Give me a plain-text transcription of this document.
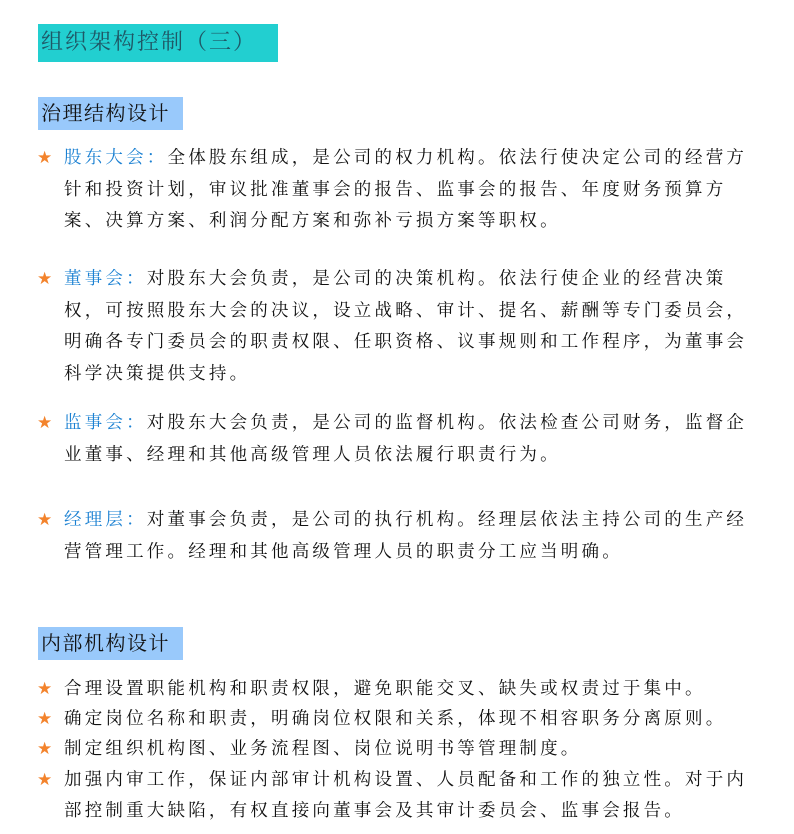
组织架构控制（三）
治理结构设计
★ 股东大会：全体股东组成，是公司的权力机构。依法行使决定公司的经营方针和投资计划，审议批准董事会的报告、监事会的报告、年度财务预算方案、决算方案、利润分配方案和弥补亏损方案等职权。
★ 董事会：对股东大会负责，是公司的决策机构。依法行使企业的经营决策权，可按照股东大会的决议，设立战略、审计、提名、薪酬等专门委员会，明确各专门委员会的职责权限、任职资格、议事规则和工作程序，为董事会科学决策提供支持。
★ 监事会：对股东大会负责，是公司的监督机构。依法检查公司财务，监督企业董事、经理和其他高级管理人员依法履行职责行为。
★ 经理层：对董事会负责，是公司的执行机构。经理层依法主持公司的生产经营管理工作。经理和其他高级管理人员的职责分工应当明确。
内部机构设计
★ 合理设置职能机构和职责权限，避免职能交叉、缺失或权责过于集中。
★ 确定岗位名称和职责，明确岗位权限和关系，体现不相容职务分离原则。
★ 制定组织机构图、业务流程图、岗位说明书等管理制度。
★ 加强内审工作，保证内部审计机构设置、人员配备和工作的独立性。对于内部控制重大缺陷，有权直接向董事会及其审计委员会、监事会报告。
